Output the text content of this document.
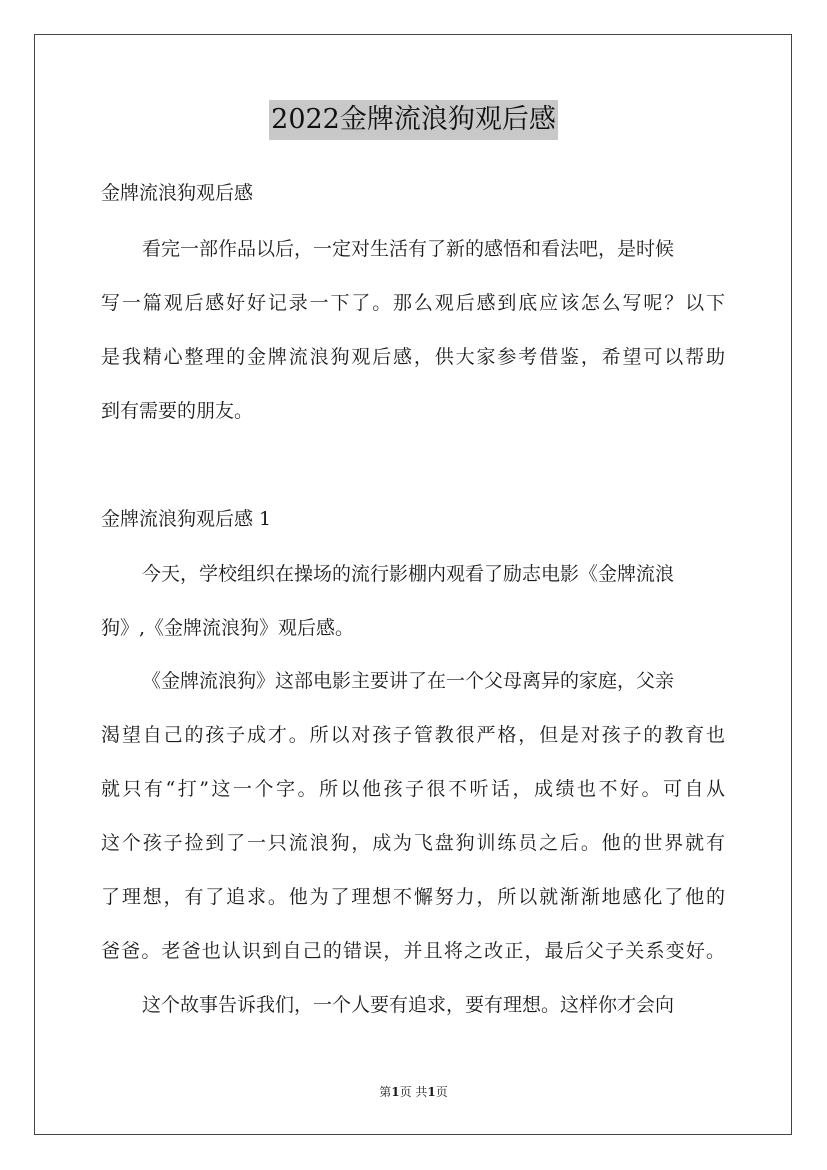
2022金牌流浪狗观后感
金牌流浪狗观后感
看完一部作品以后，一定对生活有了新的感悟和看法吧，是时候
写一篇观后感好好记录一下了。那么观后感到底应该怎么写呢？以下
是我精心整理的金牌流浪狗观后感，供大家参考借鉴，希望可以帮助
到有需要的朋友。
金牌流浪狗观后感 1
今天，学校组织在操场的流行影棚内观看了励志电影《金牌流浪
狗》,《金牌流浪狗》观后感。
《金牌流浪狗》这部电影主要讲了在一个父母离异的家庭，父亲
渴望自己的孩子成才。所以对孩子管教很严格，但是对孩子的教育也
就只有“打”这一个字。所以他孩子很不听话，成绩也不好。可自从
这个孩子捡到了一只流浪狗，成为飞盘狗训练员之后。他的世界就有
了理想，有了追求。他为了理想不懈努力，所以就渐渐地感化了他的
爸爸。老爸也认识到自己的错误，并且将之改正，最后父子关系变好。
这个故事告诉我们，一个人要有追求，要有理想。这样你才会向
第1页 共1页
